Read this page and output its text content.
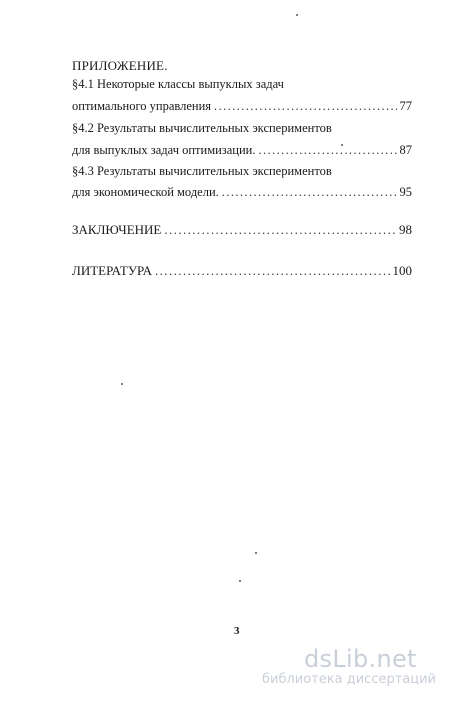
ПРИЛОЖЕНИЕ.
§4.1 Некоторые классы выпуклых задач
оптимального управления .....	77
§4.2 Результаты вычислительных экспериментов
для выпуклых задач оптимизации. .....	87
§4.3 Результаты вычислительных экспериментов
для экономической модели. .....	95
ЗАКЛЮЧЕНИЕ .....	98
ЛИТЕРАТУРА .....	100
3
dsLib.net
библиотека диссертаций
